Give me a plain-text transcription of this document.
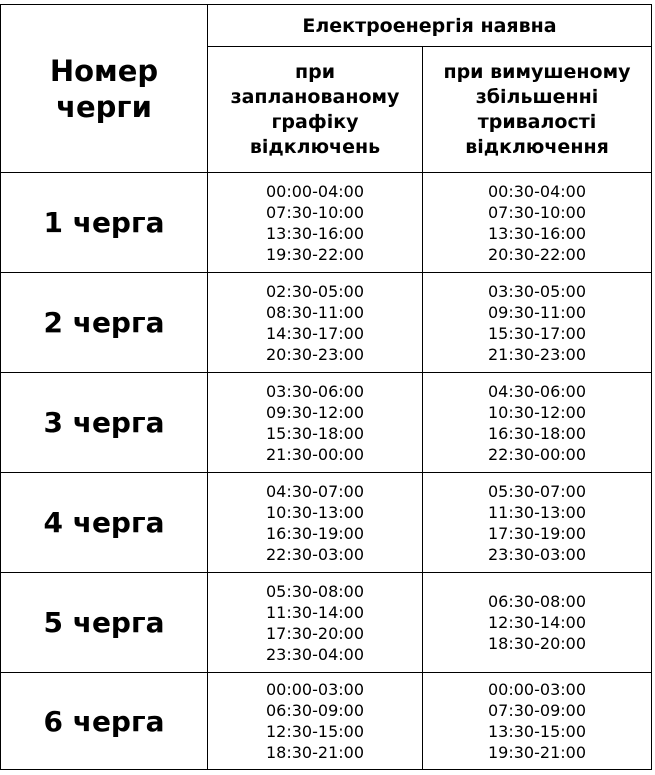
Номер
черги	Електроенергія наявна	

	при
запланованому
графіку
відключень	при вимушеному
збільшенні
тривалості
відключення

1 черга	00:00-04:00
07:30-10:00
13:30-16:00
19:30-22:00	00:30-04:00
07:30-10:00
13:30-16:00
20:30-22:00

2 черга	02:30-05:00
08:30-11:00
14:30-17:00
20:30-23:00	03:30-05:00
09:30-11:00
15:30-17:00
21:30-23:00

3 черга	03:30-06:00
09:30-12:00
15:30-18:00
21:30-00:00	04:30-06:00
10:30-12:00
16:30-18:00
22:30-00:00

4 черга	04:30-07:00
10:30-13:00
16:30-19:00
22:30-03:00	05:30-07:00
11:30-13:00
17:30-19:00
23:30-03:00

5 черга	05:30-08:00
11:30-14:00
17:30-20:00
23:30-04:00	06:30-08:00
12:30-14:00
18:30-20:00

6 черга	00:00-03:00
06:30-09:00
12:30-15:00
18:30-21:00	00:00-03:00
07:30-09:00
13:30-15:00
19:30-21:00
